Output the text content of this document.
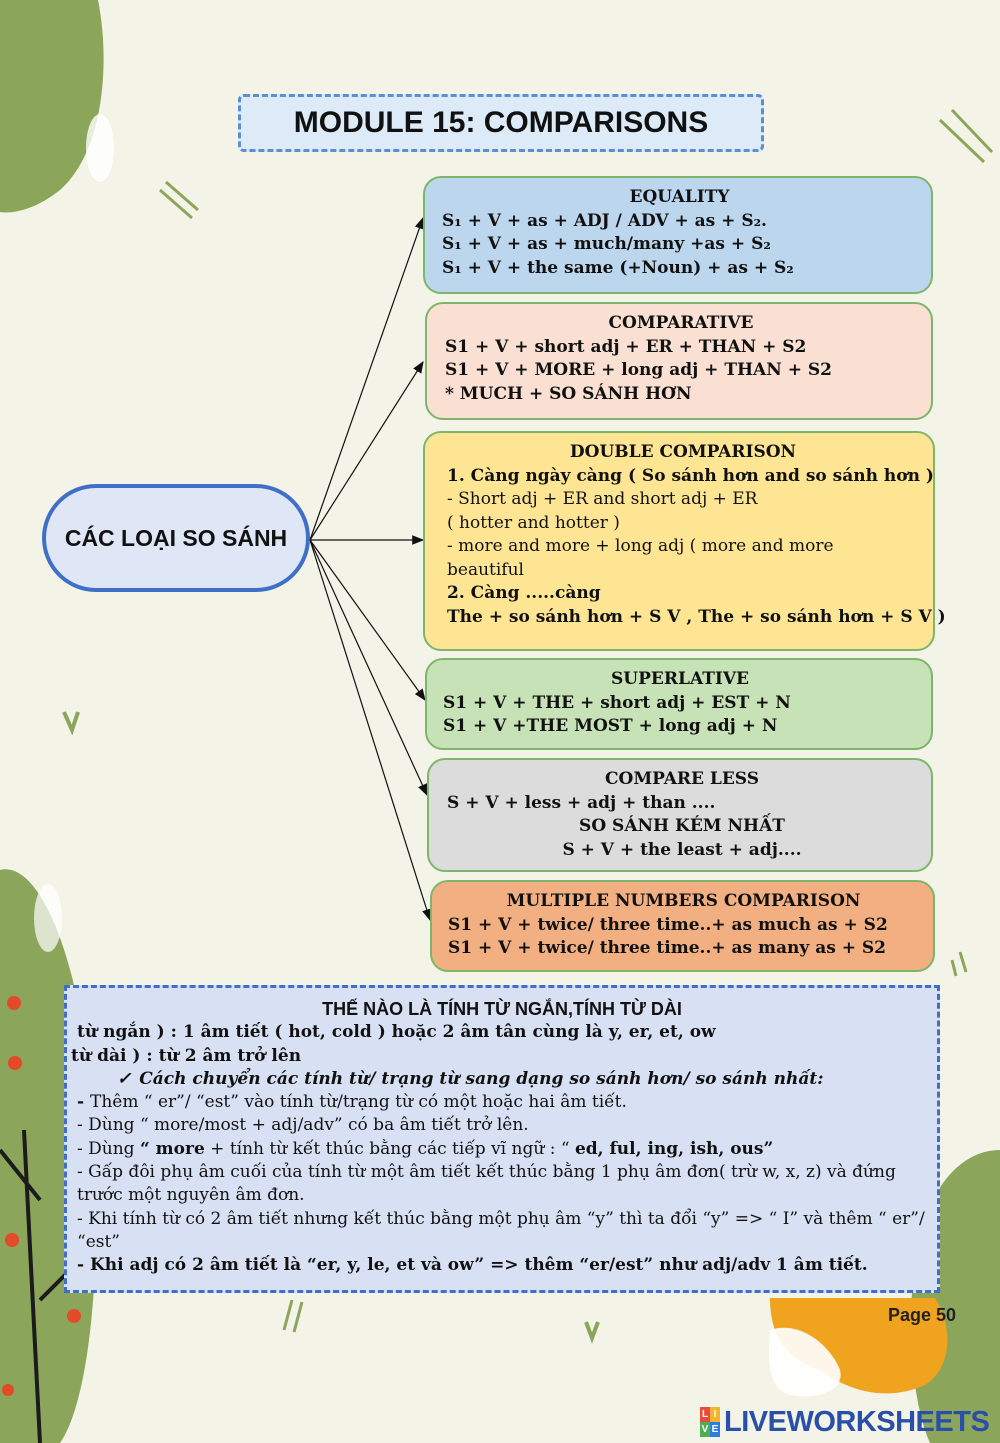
MODULE 15: COMPARISONS
CÁC LOẠI SO SÁNH
EQUALITY
S₁ + V + as + ADJ / ADV + as + S₂.
S₁ + V + as + much/many +as + S₂
S₁ + V + the same (+Noun) + as + S₂
COMPARATIVE
S1 + V + short adj + ER + THAN + S2
S1 + V + MORE + long adj + THAN + S2
* MUCH + SO SÁNH HƠN
DOUBLE COMPARISON
1. Càng ngày càng ( So sánh hơn and so sánh hơn )
- Short adj + ER and short adj + ER
( hotter and hotter )
- more and more + long adj ( more and more
beautiful
2. Càng .....càng
The + so sánh hơn + S V , The + so sánh hơn + S V )
SUPERLATIVE
S1 + V + THE + short adj + EST + N
S1 + V +THE MOST + long adj + N
COMPARE LESS
S + V + less + adj + than ....
SO SÁNH KÉM NHẤT
S + V + the least + adj....
MULTIPLE NUMBERS COMPARISON
S1 + V + twice/ three time..+ as much as + S2
S1 + V + twice/ three time..+ as many as + S2
THẾ NÀO LÀ TÍNH TỪ NGẮN,TÍNH TỪ DÀI
từ ngắn ) : 1 âm tiết ( hot, cold ) hoặc 2 âm tân cùng là y, er, et, ow
từ dài ) : từ 2 âm trở lên
✓ Cách chuyển các tính từ/ trạng từ sang dạng so sánh hơn/ so sánh nhất:
- Thêm “ er”/ “est” vào tính từ/trạng từ có một hoặc hai âm tiết.
- Dùng “ more/most + adj/adv” có ba âm tiết trở lên.
- Dùng “ more + tính từ kết thúc bằng các tiếp vĩ ngữ : “ ed, ful, ing, ish, ous”
- Gấp đôi phụ âm cuối của tính từ một âm tiết kết thúc bằng 1 phụ âm đơn( trừ w, x, z) và đứng
trước một nguyên âm đơn.
- Khi tính từ có 2 âm tiết nhưng kết thúc bằng một phụ âm “y” thì ta đổi “y” => “ I” và thêm “ er”/
“est”
- Khi adj có 2 âm tiết là “er, y, le, et và ow” => thêm “er/est” như adj/adv 1 âm tiết.
Page 50
L I
V E LIVEWORKSHEETS
